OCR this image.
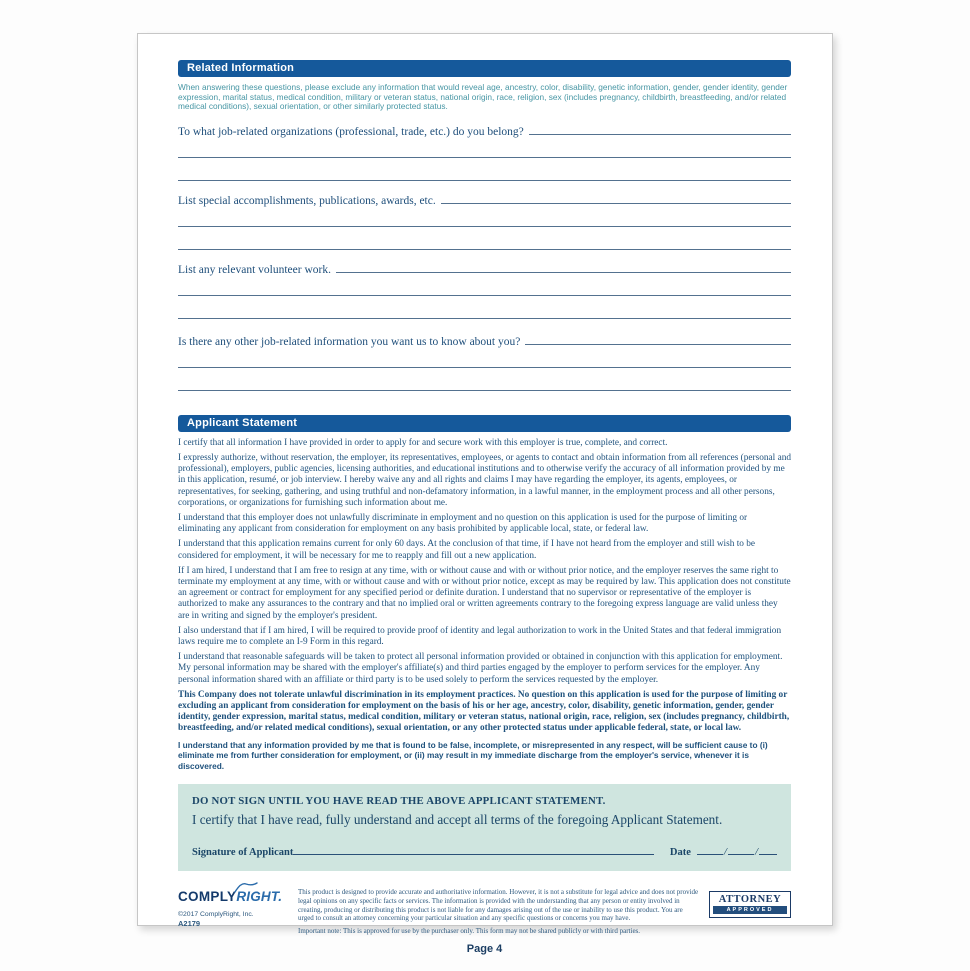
Related Information
When answering these questions, please exclude any information that would reveal age, ancestry, color, disability, genetic information, gender, gender identity, gender expression, marital status, medical condition, military or veteran status, national origin, race, religion, sex (includes pregnancy, childbirth, breastfeeding, and/or related medical conditions), sexual orientation, or other similarly protected status.
To what job-related organizations (professional, trade, etc.) do you belong?
List special accomplishments, publications, awards, etc.
List any relevant volunteer work.
Is there any other job-related information you want us to know about you?
Applicant Statement

I certify that all information I have provided in order to apply for and secure work with this employer is true, complete, and correct.

I expressly authorize, without reservation, the employer, its representatives, employees, or agents to contact and obtain information from all references (personal and professional), employers, public agencies, licensing authorities, and educational institutions and to otherwise verify the accuracy of all information provided by me in this application, resumé, or job interview. I hereby waive any and all rights and claims I may have regarding the employer, its agents, employees, or representatives, for seeking, gathering, and using truthful and non-defamatory information, in a lawful manner, in the employment process and all other persons, corporations, or organizations for furnishing such information about me.

I understand that this employer does not unlawfully discriminate in employment and no question on this application is used for the purpose of limiting or eliminating any applicant from consideration for employment on any basis prohibited by applicable local, state, or federal law.

I understand that this application remains current for only 60 days. At the conclusion of that time, if I have not heard from the employer and still wish to be considered for employment, it will be necessary for me to reapply and fill out a new application.

If I am hired, I understand that I am free to resign at any time, with or without cause and with or without prior notice, and the employer reserves the same right to terminate my employment at any time, with or without cause and with or without prior notice, except as may be required by law. This application does not constitute an agreement or contract for employment for any specified period or definite duration. I understand that no supervisor or representative of the employer is authorized to make any assurances to the contrary and that no implied oral or written agreements contrary to the foregoing express language are valid unless they are in writing and signed by the employer's president.

I also understand that if I am hired, I will be required to provide proof of identity and legal authorization to work in the United States and that federal immigration laws require me to complete an I-9 Form in this regard.

I understand that reasonable safeguards will be taken to protect all personal information provided or obtained in conjunction with this application for employment. My personal information may be shared with the employer's affiliate(s) and third parties engaged by the employer to perform services for the employer. Any personal information shared with an affiliate or third party is to be used solely to perform the services requested by the employer.

This Company does not tolerate unlawful discrimination in its employment practices. No question on this application is used for the purpose of limiting or excluding an applicant from consideration for employment on the basis of his or her age, ancestry, color, disability, genetic information, gender, gender identity, gender expression, marital status, medical condition, military or veteran status, national origin, race, religion, sex (includes pregnancy, childbirth, breastfeeding, and/or related medical conditions), sexual orientation, or any other protected status under applicable federal, state, or local law.

I understand that any information provided by me that is found to be false, incomplete, or misrepresented in any respect, will be sufficient cause to (i) eliminate me from further consideration for employment, or (ii) may result in my immediate discharge from the employer's service, whenever it is discovered.

DO NOT SIGN UNTIL YOU HAVE READ THE ABOVE APPLICANT STATEMENT.
I certify that I have read, fully understand and accept all terms of the foregoing Applicant Statement.
Signature of Applicant	Date	/	/
COMPLYRIGHT.
©2017 ComplyRight, Inc.
A2179
This product is designed to provide accurate and authoritative information. However, it is not a substitute for legal advice and does not provide legal opinions on any specific facts or services. The information is provided with the understanding that any person or entity involved in creating, producing or distributing this product is not liable for any damages arising out of the use or inability to use this product. You are urged to consult an attorney concerning your particular situation and any specific questions or concerns you may have.
Important note: This is approved for use by the purchaser only. This form may not be shared publicly or with third parties.
ATTORNEY
APPROVED
Page 4
